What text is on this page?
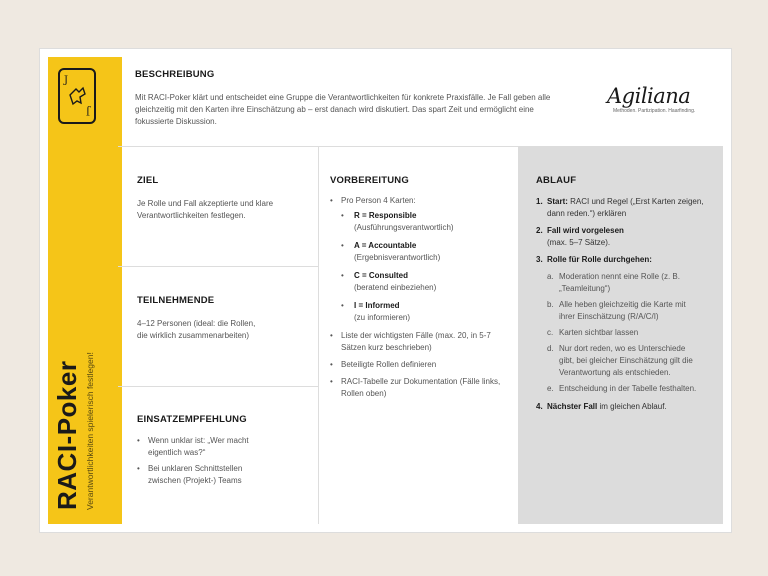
J
J
RACI-Poker Verantwortlichkeiten spielerisch festlegen!
BESCHREIBUNG
Mit RACI-Poker klärt und entscheidet eine Gruppe die Verantwortlichkeiten für konkrete Praxisfälle. Je Fall geben alle gleichzeitig mit den Karten ihre Einschätzung ab – erst danach wird diskutiert. Das spart Zeit und ermöglicht eine fokussierte Diskussion.
Agiliana
Methoden. Partizipation. Haarfinding.
ZIEL
Je Rolle und Fall akzeptierte und klare Verantwortlichkeiten festlegen.
TEILNEHMENDE
4–12 Personen (ideal: die Rollen, die wirklich zusammenarbeiten)
EINSATZEMPFEHLUNG
• Wenn unklar ist: „Wer macht eigentlich was?“
• Bei unklaren Schnittstellen zwischen (Projekt-) Teams
VORBEREITUNG
• Pro Person 4 Karten:
• R = Responsible
(Ausführungsverantwortlich)
• A = Accountable
(Ergebnisverantwortlich)
• C = Consulted
(beratend einbeziehen)
• I = Informed
(zu informieren)
• Liste der wichtigsten Fälle (max. 20, in 5-7 Sätzen kurz beschrieben)
• Beteiligte Rollen definieren
• RACI-Tabelle zur Dokumentation (Fälle links, Rollen oben)
ABLAUF
1. Start: RACI und Regel („Erst Karten zeigen, dann reden.“) erklären
2. Fall wird vorgelesen
(max. 5–7 Sätze).
3. Rolle für Rolle durchgehen:
a. Moderation nennt eine Rolle (z. B. „Teamleitung“)
b. Alle heben gleichzeitig die Karte mit ihrer Einschätzung (R/A/C/I)
c. Karten sichtbar lassen
d. Nur dort reden, wo es Unterschiede gibt, bei gleicher Einschätzung gilt die Verantwortung als entschieden.
e. Entscheidung in der Tabelle festhalten.
4. Nächster Fall im gleichen Ablauf.
